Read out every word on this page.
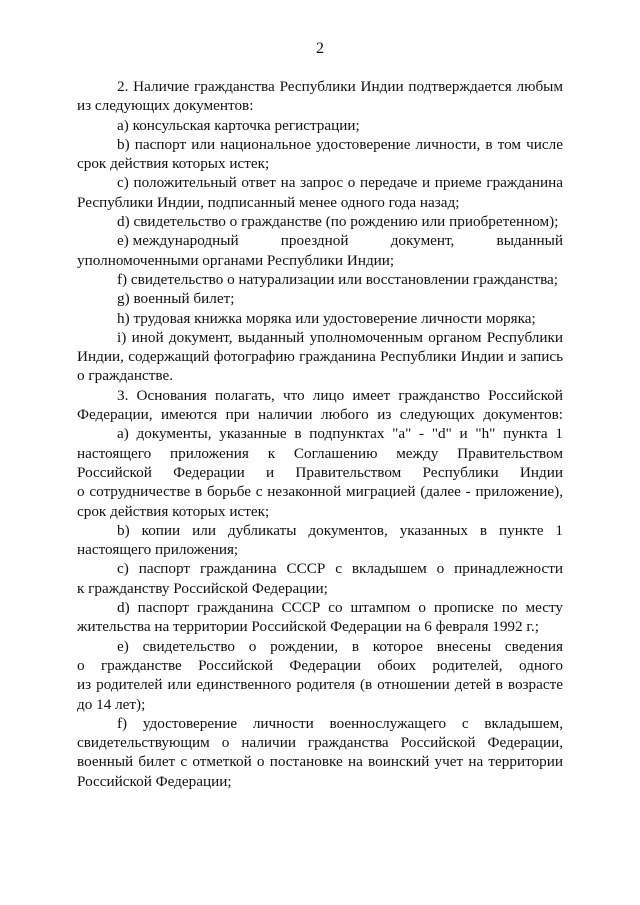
2

2. Наличие гражданства Республики Индии подтверждается любым

из следующих документов:

а) консульская карточка регистрации;

b) паспорт или национальное удостоверение личности, в том числе

срок действия которых истек;

с) положительный ответ на запрос о передаче и приеме гражданина

Республики Индии, подписанный менее одного года назад;

d) свидетельство о гражданстве (по рождению или приобретенном);

е) международный	проездной	документ,	выданный

уполномоченными органами Республики Индии;

f) свидетельство о натурализации или восстановлении гражданства;

g) военный билет;

h) трудовая книжка моряка или удостоверение личности моряка;

i) иной документ, выданный уполномоченным органом Республики

Индии, содержащий фотографию гражданина Республики Индии и запись

о гражданстве.

3. Основания полагать, что лицо имеет гражданство Российской

Федерации, имеются при наличии любого из следующих документов:

а) документы, указанные в подпунктах "a" - "d" и "h" пункта 1

настоящего приложения к Соглашению между Правительством

Российской Федерации и Правительством Республики Индии

о сотрудничестве в борьбе с незаконной миграцией (далее - приложение),

срок действия которых истек;

b) копии или дубликаты документов, указанных в пункте 1

настоящего приложения;

с) паспорт гражданина СССР с вкладышем о принадлежности

к гражданству Российской Федерации;

d) паспорт гражданина СССР со штампом о прописке по месту

жительства на территории Российской Федерации на 6 февраля 1992 г.;

е) свидетельство о рождении, в которое внесены сведения

о гражданстве Российской Федерации обоих родителей, одного

из родителей или единственного родителя (в отношении детей в возрасте

до 14 лет);

f) удостоверение личности военнослужащего с вкладышем,

свидетельствующим о наличии гражданства Российской Федерации,

военный билет с отметкой о постановке на воинский учет на территории

Российской Федерации;
